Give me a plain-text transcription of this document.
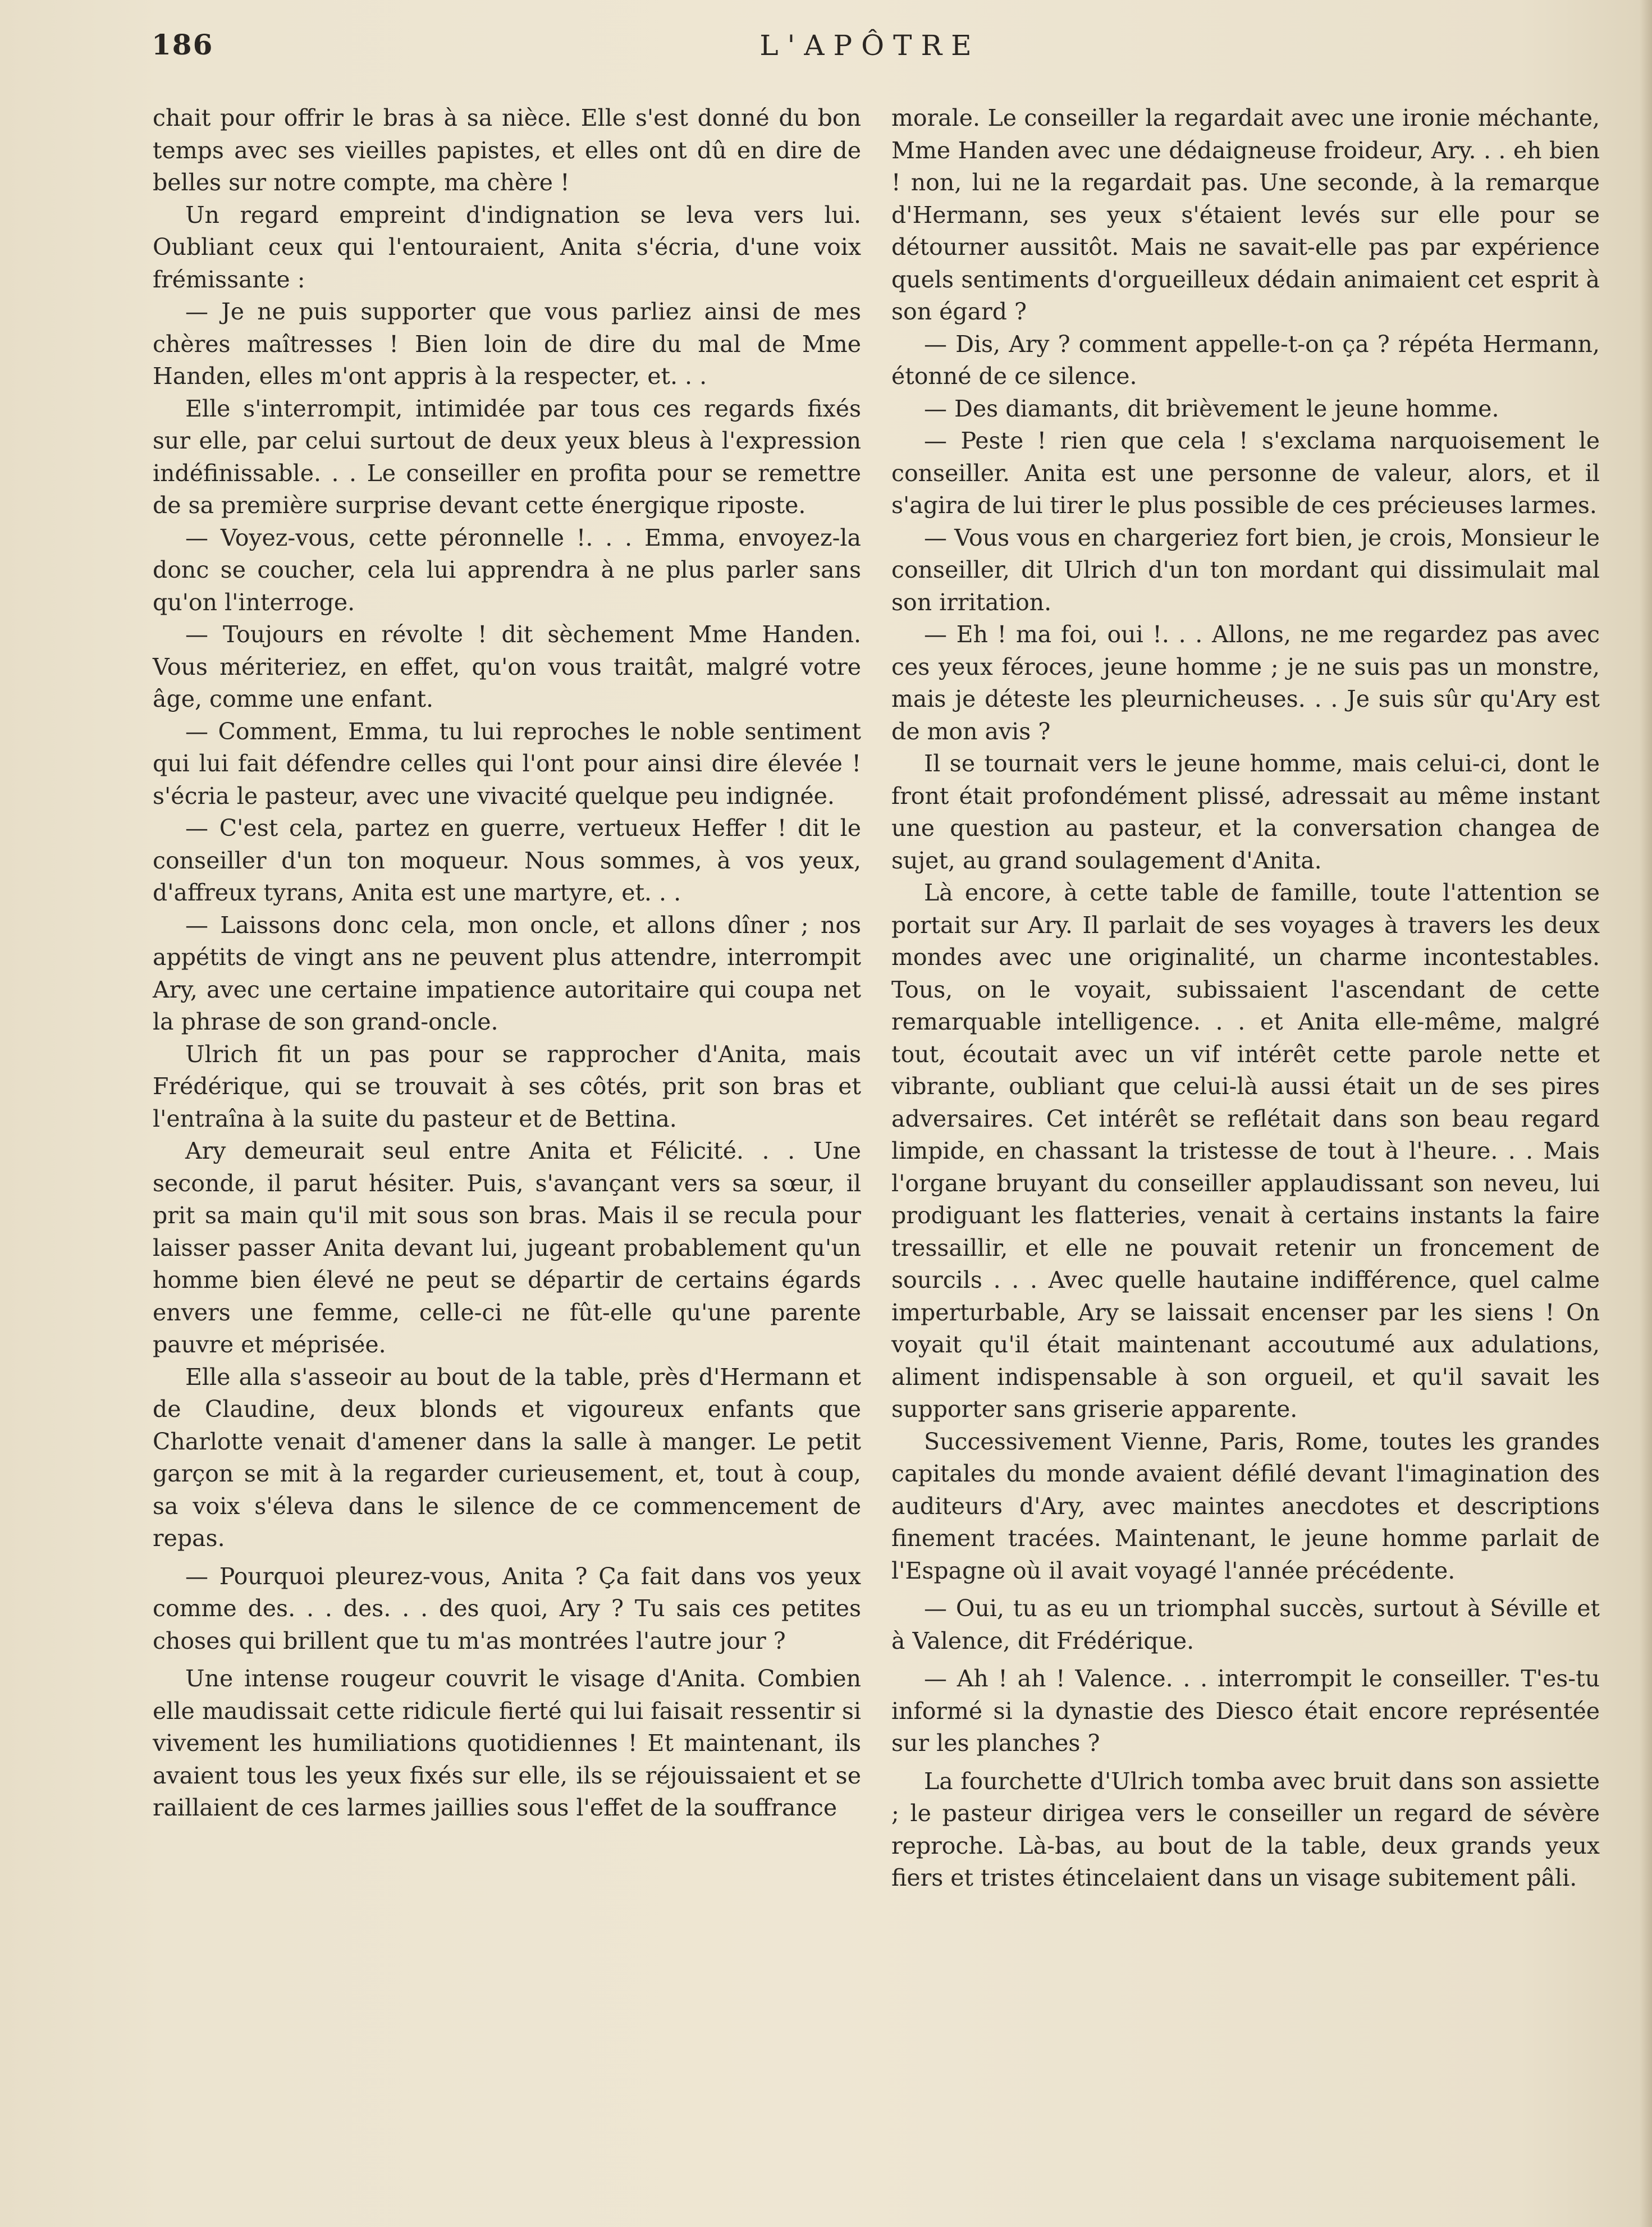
186	L'APÔTRE

chait pour offrir le bras à sa nièce. Elle s'est donné du bon temps avec ses vieilles papistes, et elles ont dû en dire de belles sur notre compte, ma chère !

Un regard empreint d'indignation se leva vers lui. Oubliant ceux qui l'entouraient, Anita s'écria, d'une voix frémissante :

— Je ne puis supporter que vous parliez ainsi de mes chères maîtresses ! Bien loin de dire du mal de Mme Handen, elles m'ont appris à la respecter, et. . .

Elle s'interrompit, intimidée par tous ces regards fixés sur elle, par celui surtout de deux yeux bleus à l'expression indéfinissable. . . Le conseiller en profita pour se remettre de sa première surprise devant cette énergique riposte.

— Voyez-vous, cette péronnelle !. . . Emma, envoyez-la donc se coucher, cela lui apprendra à ne plus parler sans qu'on l'interroge.

— Toujours en révolte ! dit sèchement Mme Handen. Vous mériteriez, en effet, qu'on vous traitât, malgré votre âge, comme une enfant.

— Comment, Emma, tu lui reproches le noble sentiment qui lui fait défendre celles qui l'ont pour ainsi dire élevée ! s'écria le pasteur, avec une vivacité quelque peu indignée.

— C'est cela, partez en guerre, vertueux Heffer ! dit le conseiller d'un ton moqueur. Nous sommes, à vos yeux, d'affreux tyrans, Anita est une martyre, et. . .

— Laissons donc cela, mon oncle, et allons dîner ; nos appétits de vingt ans ne peuvent plus attendre, interrompit Ary, avec une certaine impatience autoritaire qui coupa net la phrase de son grand-oncle.

Ulrich fit un pas pour se rapprocher d'Anita, mais Frédérique, qui se trouvait à ses côtés, prit son bras et l'entraîna à la suite du pasteur et de Bettina.

Ary demeurait seul entre Anita et Félicité. . . Une seconde, il parut hésiter. Puis, s'avançant vers sa sœur, il prit sa main qu'il mit sous son bras. Mais il se recula pour laisser passer Anita devant lui, jugeant probablement qu'un homme bien élevé ne peut se départir de certains égards envers une femme, celle-ci ne fût-elle qu'une parente pauvre et méprisée.

Elle alla s'asseoir au bout de la table, près d'Hermann et de Claudine, deux blonds et vigoureux enfants que Charlotte venait d'amener dans la salle à manger. Le petit garçon se mit à la regarder curieusement, et, tout à coup, sa voix s'éleva dans le silence de ce commencement de repas.

— Pourquoi pleurez-vous, Anita ? Ça fait dans vos yeux comme des. . . des. . . des quoi, Ary ? Tu sais ces petites choses qui brillent que tu m'as montrées l'autre jour ?

Une intense rougeur couvrit le visage d'Anita. Combien elle maudissait cette ridicule fierté qui lui faisait ressentir si vivement les humiliations quotidiennes ! Et maintenant, ils avaient tous les yeux fixés sur elle, ils se réjouissaient et se raillaient de ces larmes jaillies sous l'effet de la souffrance

morale. Le conseiller la regardait avec une ironie méchante, Mme Handen avec une dédaigneuse froideur, Ary. . . eh bien ! non, lui ne la regardait pas. Une seconde, à la remarque d'Hermann, ses yeux s'étaient levés sur elle pour se détourner aussitôt. Mais ne savait-elle pas par expérience quels sentiments d'orgueilleux dédain animaient cet esprit à son égard ?

— Dis, Ary ? comment appelle-t-on ça ? répéta Hermann, étonné de ce silence.

— Des diamants, dit brièvement le jeune homme.

— Peste ! rien que cela ! s'exclama narquoisement le conseiller. Anita est une personne de valeur, alors, et il s'agira de lui tirer le plus possible de ces précieuses larmes.

— Vous vous en chargeriez fort bien, je crois, Monsieur le conseiller, dit Ulrich d'un ton mordant qui dissimulait mal son irritation.

— Eh ! ma foi, oui !. . . Allons, ne me regardez pas avec ces yeux féroces, jeune homme ; je ne suis pas un monstre, mais je déteste les pleurnicheuses. . . Je suis sûr qu'Ary est de mon avis ?

Il se tournait vers le jeune homme, mais celui-ci, dont le front était profondément plissé, adressait au même instant une question au pasteur, et la conversation changea de sujet, au grand soulagement d'Anita.

Là encore, à cette table de famille, toute l'attention se portait sur Ary. Il parlait de ses voyages à travers les deux mondes avec une originalité, un charme incontestables. Tous, on le voyait, subissaient l'ascendant de cette remarquable intelligence. . . et Anita elle-même, malgré tout, écoutait avec un vif intérêt cette parole nette et vibrante, oubliant que celui-là aussi était un de ses pires adversaires. Cet intérêt se reflétait dans son beau regard limpide, en chassant la tristesse de tout à l'heure. . . Mais l'organe bruyant du conseiller applaudissant son neveu, lui prodiguant les flatteries, venait à certains instants la faire tressaillir, et elle ne pouvait retenir un froncement de sourcils . . . Avec quelle hautaine indifférence, quel calme imperturbable, Ary se laissait encenser par les siens ! On voyait qu'il était maintenant accoutumé aux adulations, aliment indispensable à son orgueil, et qu'il savait les supporter sans griserie apparente.

Successivement Vienne, Paris, Rome, toutes les grandes capitales du monde avaient défilé devant l'imagination des auditeurs d'Ary, avec maintes anecdotes et descriptions finement tracées. Maintenant, le jeune homme parlait de l'Espagne où il avait voyagé l'année précédente.

— Oui, tu as eu un triomphal succès, surtout à Séville et à Valence, dit Frédérique.

— Ah ! ah ! Valence. . . interrompit le conseiller. T'es-tu informé si la dynastie des Diesco était encore représentée sur les planches ?

La fourchette d'Ulrich tomba avec bruit dans son assiette ; le pasteur dirigea vers le conseiller un regard de sévère reproche. Là-bas, au bout de la table, deux grands yeux fiers et tristes étincelaient dans un visage subitement pâli.
